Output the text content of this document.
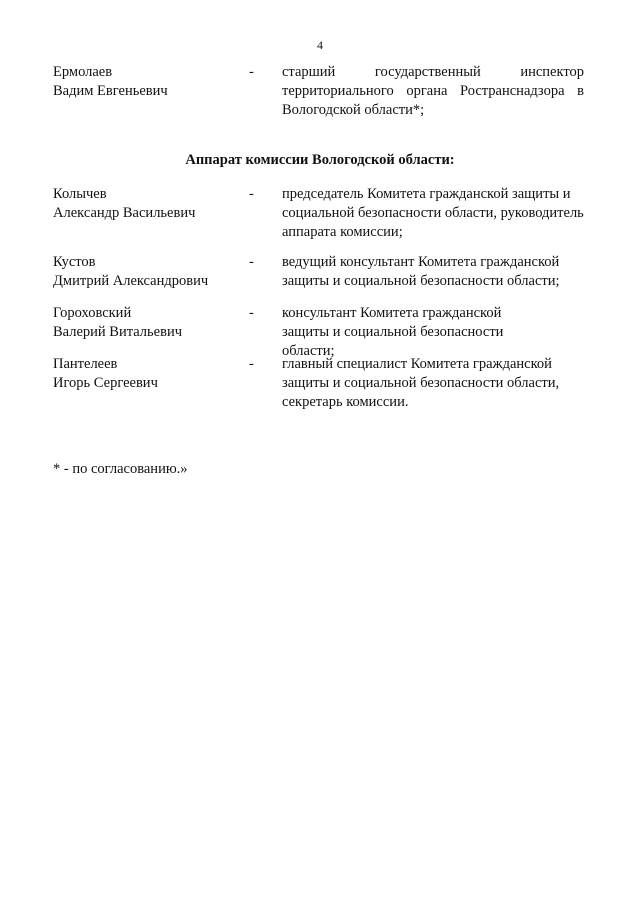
4
Ермолаев
Вадим Евгеньевич
- старший государственный инспектор территориального органа Ространснадзора в Вологодской области*;
Аппарат комиссии Вологодской области:
Колычев
Александр Васильевич
- председатель Комитета гражданской защиты и социальной безопасности области, руководитель аппарата комиссии;
Кустов
Дмитрий Александрович
- ведущий консультант Комитета гражданской защиты и социальной безопасности области;
Гороховский
Валерий Витальевич
- консультант Комитета гражданской защиты и социальной безопасности области;
Пантелеев
Игорь Сергеевич
- главный специалист Комитета гражданской защиты и социальной безопасности области, секретарь комиссии.
* - по согласованию.»
